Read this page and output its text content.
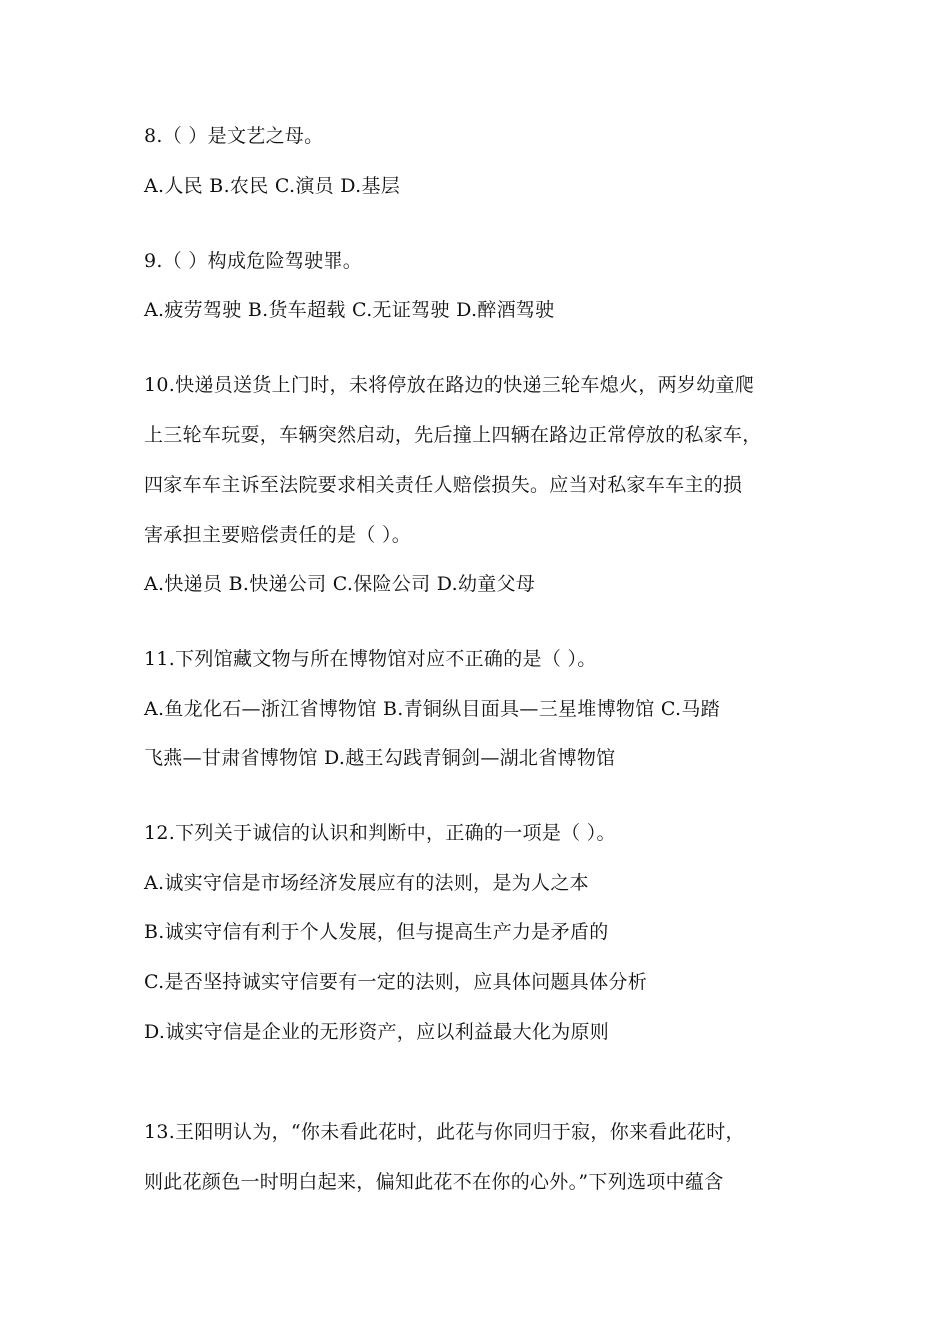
8.（ ）是文艺之母。
A.人民 B.农民 C.演员 D.基层
9.（ ）构成危险驾驶罪。
A.疲劳驾驶 B.货车超载 C.无证驾驶 D.醉酒驾驶
10.快递员送货上门时，未将停放在路边的快递三轮车熄火，两岁幼童爬
上三轮车玩耍，车辆突然启动，先后撞上四辆在路边正常停放的私家车，
四家车车主诉至法院要求相关责任人赔偿损失。应当对私家车车主的损
害承担主要赔偿责任的是（ ）。
A.快递员 B.快递公司 C.保险公司 D.幼童父母
11.下列馆藏文物与所在博物馆对应不正确的是（ ）。
A.鱼龙化石—浙江省博物馆 B.青铜纵目面具—三星堆博物馆 C.马踏
飞燕—甘肃省博物馆 D.越王勾践青铜剑—湖北省博物馆
12.下列关于诚信的认识和判断中，正确的一项是（ ）。
A.诚实守信是市场经济发展应有的法则，是为人之本
B.诚实守信有利于个人发展，但与提高生产力是矛盾的
C.是否坚持诚实守信要有一定的法则，应具体问题具体分析
D.诚实守信是企业的无形资产，应以利益最大化为原则
13.王阳明认为，“你未看此花时，此花与你同归于寂，你来看此花时，
则此花颜色一时明白起来，偏知此花不在你的心外。”下列选项中蕴含
